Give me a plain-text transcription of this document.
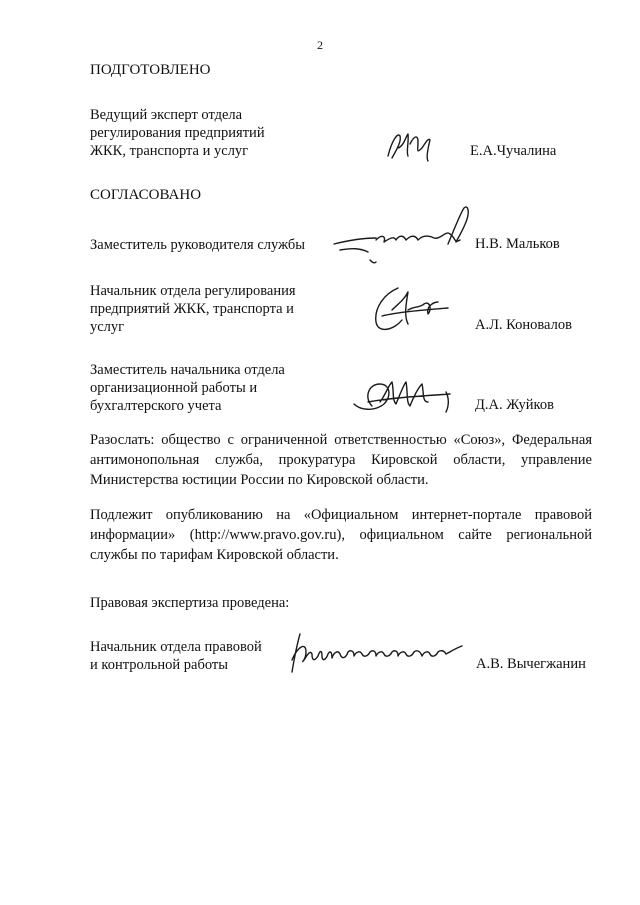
2
ПОДГОТОВЛЕНО
Ведущий эксперт отдела
регулирования предприятий
ЖКК, транспорта и услуг	Е.А.Чучалина
СОГЛАСОВАНО
Заместитель руководителя службы	Н.В. Мальков
Начальник отдела регулирования
предприятий ЖКК, транспорта и
услуг	А.Л. Коновалов
Заместитель начальника отдела
организационной работы и
бухгалтерского учета	Д.А. Жуйков
Разослать: общество с ограниченной ответственностью «Союз», Федеральная антимонопольная служба, прокуратура Кировской области, управление Министерства юстиции России по Кировской области.
Подлежит опубликованию на «Официальном интернет-портале правовой информации» (http://www.pravo.gov.ru), официальном сайте региональной службы по тарифам Кировской области.
Правовая экспертиза проведена:
Начальник отдела правовой
и контрольной работы	А.В. Вычегжанин
